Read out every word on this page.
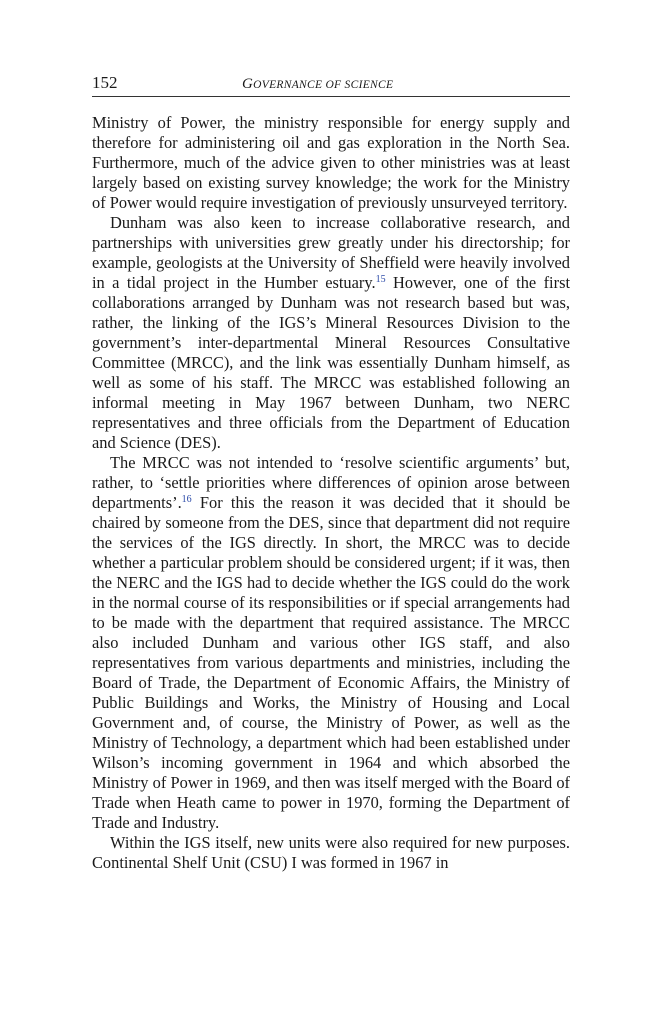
152	GOVERNANCE OF SCIENCE

Ministry of Power, the ministry responsible for energy supply and therefore for administering oil and gas exploration in the North Sea. Furthermore, much of the advice given to other ministries was at least largely based on existing survey knowledge; the work for the Ministry of Power would require investigation of previously unsurveyed territory.

Dunham was also keen to increase collaborative research, and partnerships with universities grew greatly under his directorship; for example, geologists at the University of Sheffield were heavily involved in a tidal project in the Humber estuary.$^{15}$ However, one of the first collaborations arranged by Dunham was not research based but was, rather, the linking of the IGS’s Mineral Resources Division to the government’s inter-departmental Mineral Resources Consultative Committee (MRCC), and the link was essentially Dunham himself, as well as some of his staff. The MRCC was established following an informal meeting in May 1967 between Dunham, two NERC representatives and three officials from the Department of Education and Science (DES).

The MRCC was not intended to ‘resolve scientific arguments’ but, rather, to ‘settle priorities where differences of opinion arose between departments’.$^{16}$ For this the reason it was decided that it should be chaired by someone from the DES, since that department did not require the services of the IGS directly. In short, the MRCC was to decide whether a particular problem should be considered urgent; if it was, then the NERC and the IGS had to decide whether the IGS could do the work in the normal course of its responsibilities or if special arrangements had to be made with the department that required assistance. The MRCC also included Dunham and various other IGS staff, and also representatives from various departments and ministries, including the Board of Trade, the Department of Economic Affairs, the Ministry of Public Buildings and Works, the Ministry of Housing and Local Government and, of course, the Ministry of Power, as well as the Ministry of Technology, a department which had been established under Wilson’s incoming government in 1964 and which absorbed the Ministry of Power in 1969, and then was itself merged with the Board of Trade when Heath came to power in 1970, forming the Department of Trade and Industry.

Within the IGS itself, new units were also required for new purposes. Continental Shelf Unit (CSU) I was formed in 1967 in
